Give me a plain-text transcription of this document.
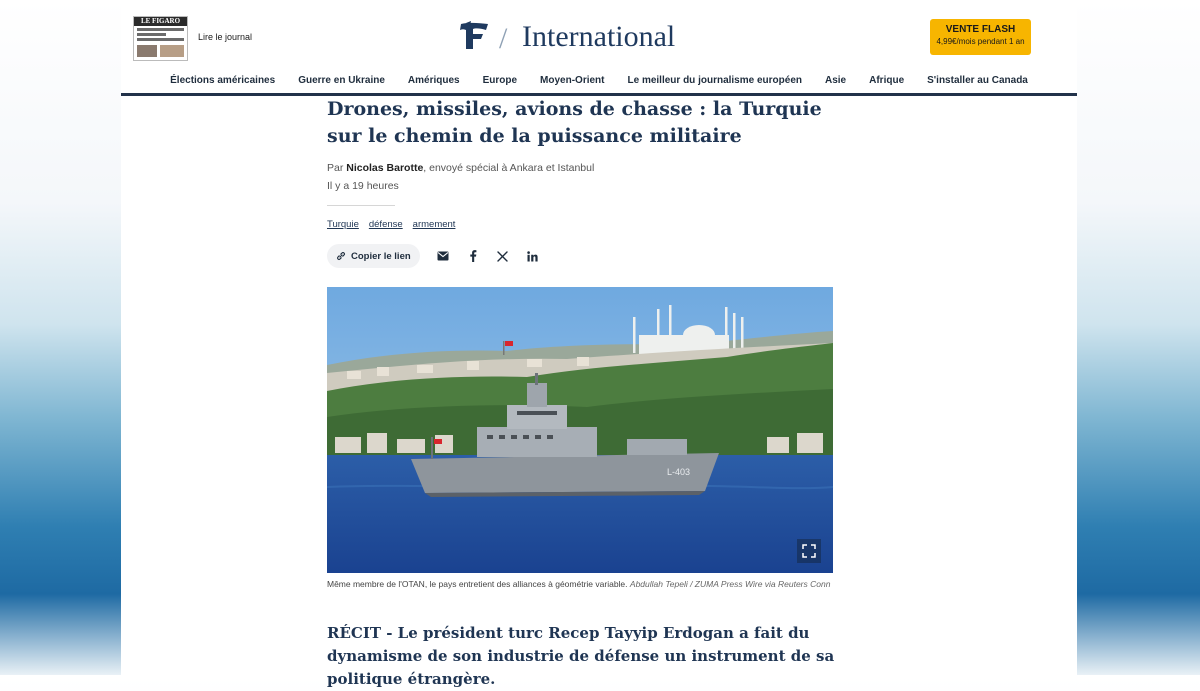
LE FIGARO
Lire le journal	/ International	VENTE FLASH
4,99€/mois pendant 1 an
Élections américaines Guerre en Ukraine Amériques Europe Moyen-Orient Le meilleur du journalisme européen Asie Afrique S'installer au Canada
Drones, missiles, avions de chasse : la Turquie sur le chemin de la puissance militaire
Par Nicolas Barotte, envoyé spécial à Ankara et Istanbul
Il y a 19 heures
Turquie défense armement
Copier le lien
L-403
Même membre de l'OTAN, le pays entretient des alliances à géométrie variable. Abdullah Tepeli / ZUMA Press Wire via Reuters Conn

RÉCIT - Le président turc Recep Tayyip Erdogan a fait du dynamisme de son industrie de défense un instrument de sa politique étrangère.
